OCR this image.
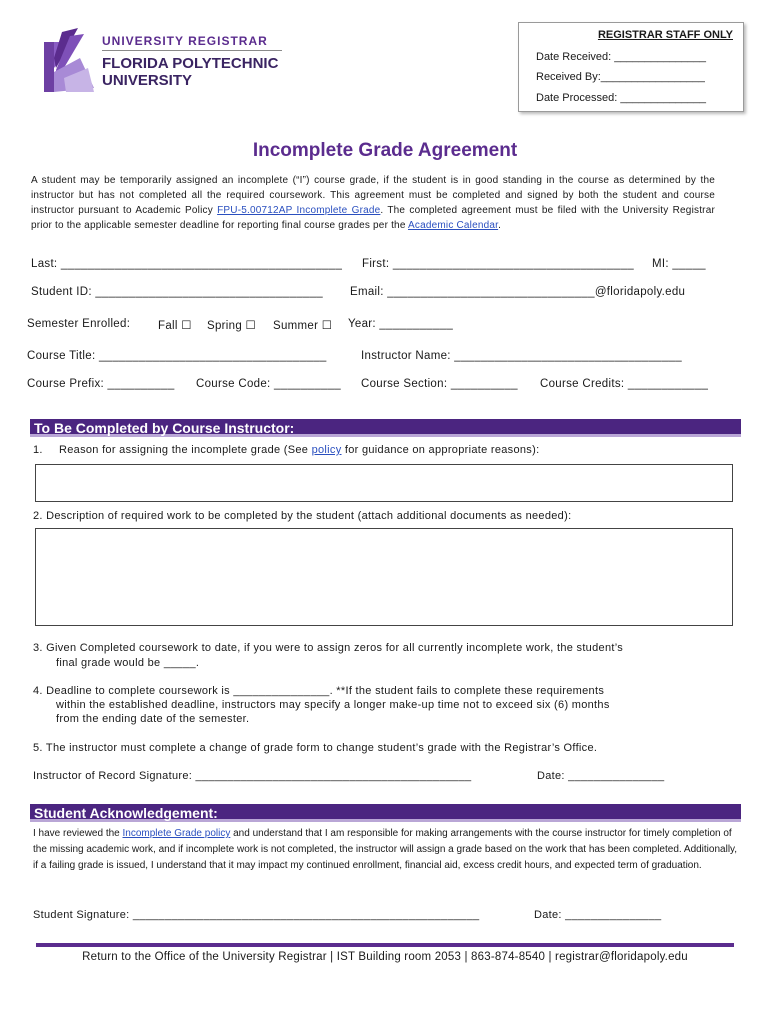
UNIVERSITY REGISTRAR
FLORIDA POLYTECHNIC
UNIVERSITY
REGISTRAR STAFF ONLY
Date Received: _______________
Received By:_________________
Date Processed: ______________
Incomplete Grade Agreement
A student may be temporarily assigned an incomplete (“I”) course grade, if the student is in good standing in the course as determined by the instructor but has not completed all the required coursework. This agreement must be completed and signed by both the student and course instructor pursuant to Academic Policy FPU-5.00712AP Incomplete Grade. The completed agreement must be filed with the University Registrar prior to the applicable semester deadline for reporting final course grades per the Academic Calendar.
Last: __________________________________________ First: ____________________________________ MI: _____
Student ID: __________________________________ Email: _______________________________@floridapoly.edu
Semester Enrolled: Fall ☐ Spring ☐ Summer ☐ Year: ___________
Course Title: __________________________________	Instructor Name: __________________________________
Course Prefix: __________ Course Code: __________ Course Section: __________ Course Credits: ____________
To Be Completed by Course Instructor:
1. Reason for assigning the incomplete grade (See policy for guidance on appropriate reasons):
2. Description of required work to be completed by the student (attach additional documents as needed):
3. Given Completed coursework to date, if you were to assign zeros for all currently incomplete work, the student’s
final grade would be _____.
4. Deadline to complete coursework is _______________. **If the student fails to complete these requirements
within the established deadline, instructors may specify a longer make-up time not to exceed six (6) months
from the ending date of the semester.
5. The instructor must complete a change of grade form to change student’s grade with the Registrar’s Office.
Instructor of Record Signature: ___________________________________________	Date: _______________
Student Acknowledgement:
I have reviewed the Incomplete Grade policy and understand that I am responsible for making arrangements with the course instructor for timely completion of the missing academic work, and if incomplete work is not completed, the instructor will assign a grade based on the work that has been completed. Additionally, if a failing grade is issued, I understand that it may impact my continued enrollment, financial aid, excess credit hours, and expected term of graduation.
Student Signature: ______________________________________________________	Date: _______________
Return to the Office of the University Registrar | IST Building room 2053 | 863-874-8540 | registrar@floridapoly.edu
